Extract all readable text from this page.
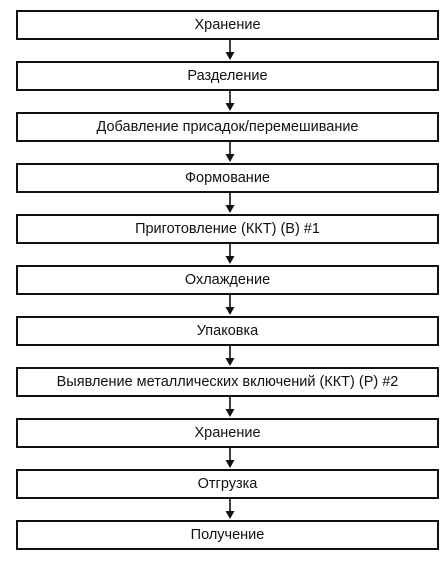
Хранение
Разделение
Добавление присадок/перемешивание
Формование
Приготовление (ККТ) (В) #1
Охлаждение
Упаковка
Выявление металлических включений (ККТ) (Р) #2
Хранение
Отгрузка
Получение
